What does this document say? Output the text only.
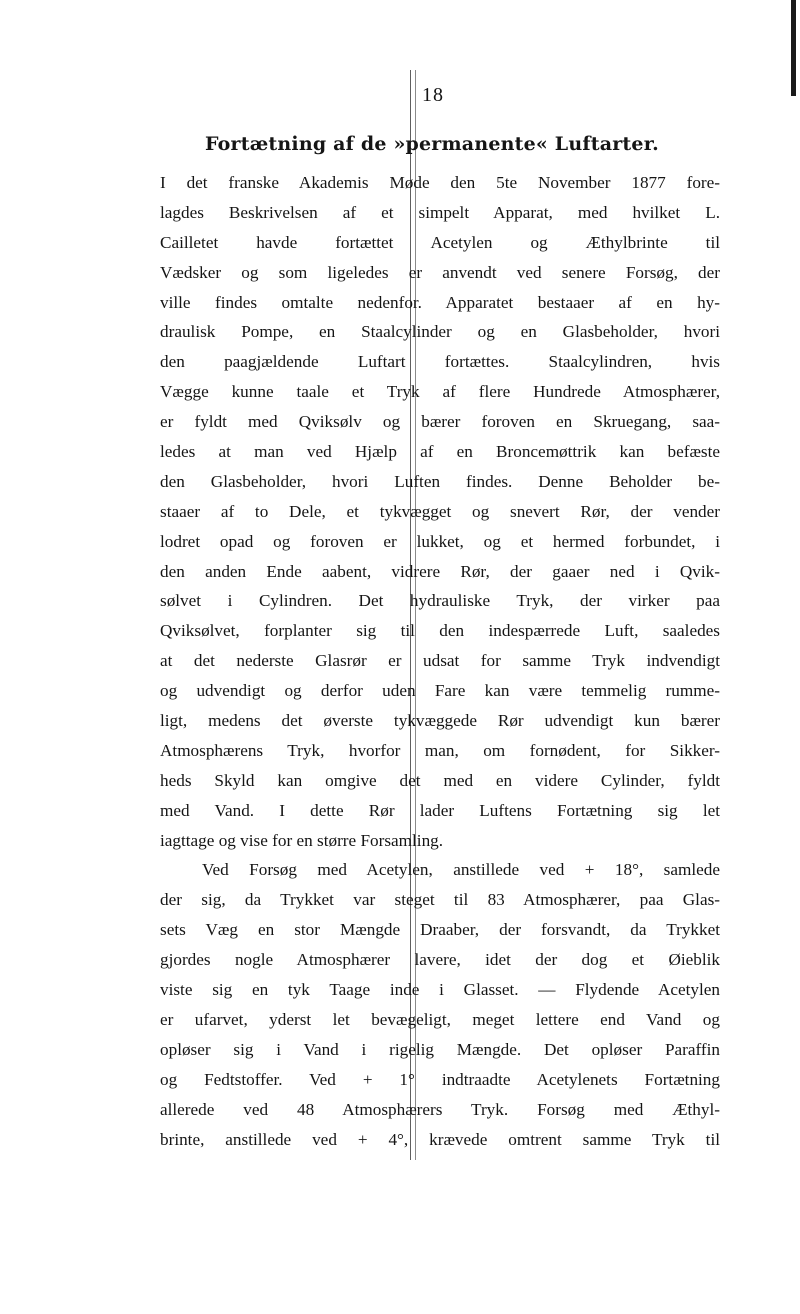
18
Fortætning af de »permanente« Luftarter.
I det franske Akademis Møde den 5te November 1877 fore-
lagdes Beskrivelsen af et simpelt Apparat, med hvilket L.
Cailletet havde fortættet Acetylen og Æthylbrinte til
Vædsker og som ligeledes er anvendt ved senere Forsøg, der
ville findes omtalte nedenfor. Apparatet bestaaer af en hy-
draulisk Pompe, en Staalcylinder og en Glasbeholder, hvori
den paagjældende Luftart fortættes. Staalcylindren, hvis
Vægge kunne taale et Tryk af flere Hundrede Atmosphærer,
er fyldt med Qviksølv og bærer foroven en Skruegang, saa-
ledes at man ved Hjælp af en Broncemøttrik kan befæste
den Glasbeholder, hvori Luften findes. Denne Beholder be-
staaer af to Dele, et tykvægget og snevert Rør, der vender
lodret opad og foroven er lukket, og et hermed forbundet, i
den anden Ende aabent, vidrere Rør, der gaaer ned i Qvik-
sølvet i Cylindren. Det hydrauliske Tryk, der virker paa
Qviksølvet, forplanter sig til den indespærrede Luft, saaledes
at det nederste Glasrør er udsat for samme Tryk indvendigt
og udvendigt og derfor uden Fare kan være temmelig rumme-
ligt, medens det øverste tykvæggede Rør udvendigt kun bærer
Atmosphærens Tryk, hvorfor man, om fornødent, for Sikker-
heds Skyld kan omgive det med en videre Cylinder, fyldt
med Vand. I dette Rør lader Luftens Fortætning sig let
iagttage og vise for en større Forsamling.
Ved Forsøg med Acetylen, anstillede ved + 18°, samlede
der sig, da Trykket var steget til 83 Atmosphærer, paa Glas-
sets Væg en stor Mængde Draaber, der forsvandt, da Trykket
gjordes nogle Atmosphærer lavere, idet der dog et Øieblik
viste sig en tyk Taage inde i Glasset. — Flydende Acetylen
er ufarvet, yderst let bevægeligt, meget lettere end Vand og
opløser sig i Vand i rigelig Mængde. Det opløser Paraffin
og Fedtstoffer. Ved + 1° indtraadte Acetylenets Fortætning
allerede ved 48 Atmosphærers Tryk. Forsøg med Æthyl-
brinte, anstillede ved + 4°, krævede omtrent samme Tryk til
